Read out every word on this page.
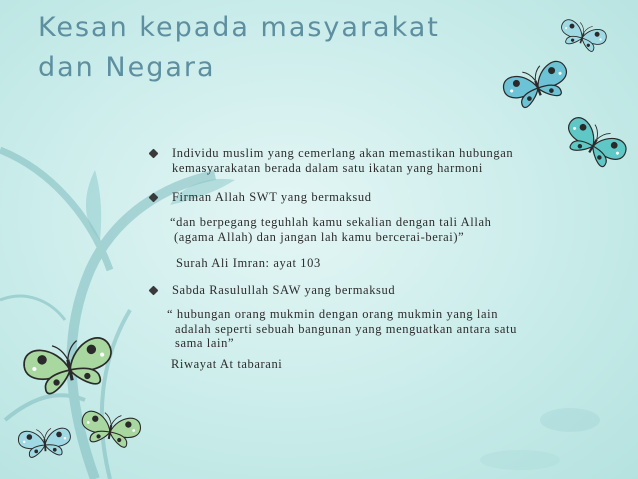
Kesan kepada masyarakat
dan Negara
Individu muslim yang cemerlang akan memastikan hubungan kemasyarakatan berada dalam satu ikatan yang harmoni
Firman Allah SWT yang bermaksud
“dan berpegang teguhlah kamu sekalian dengan tali Allah
(agama Allah) dan jangan lah kamu bercerai-berai)”
Surah Ali Imran: ayat 103
Sabda Rasulullah SAW yang bermaksud
“ hubungan orang mukmin dengan orang mukmin yang lain
adalah seperti sebuah bangunan yang menguatkan antara satu
sama lain”
Riwayat At tabarani
